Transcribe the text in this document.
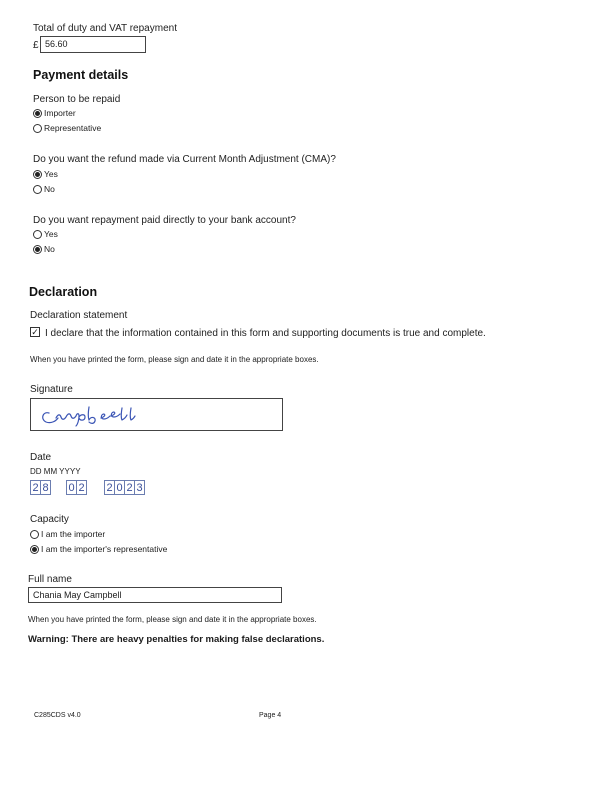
Total of duty and VAT repayment
£ 56.60
Payment details
Person to be repaid
Importer
Representative
Do you want the refund made via Current Month Adjustment (CMA)?
Yes
No
Do you want repayment paid directly to your bank account?
Yes
No
Declaration
Declaration statement
✓ I declare that the information contained in this form and supporting documents is true and complete.
When you have printed the form, please sign and date it in the appropriate boxes.
Signature
Date
DD MM YYYY
2 8 0 2 2 0 2 3
Capacity
I am the importer
I am the importer's representative
Full name
Chania May Campbell
When you have printed the form, please sign and date it in the appropriate boxes.
Warning: There are heavy penalties for making false declarations.
C285CDS v4.0	Page 4
